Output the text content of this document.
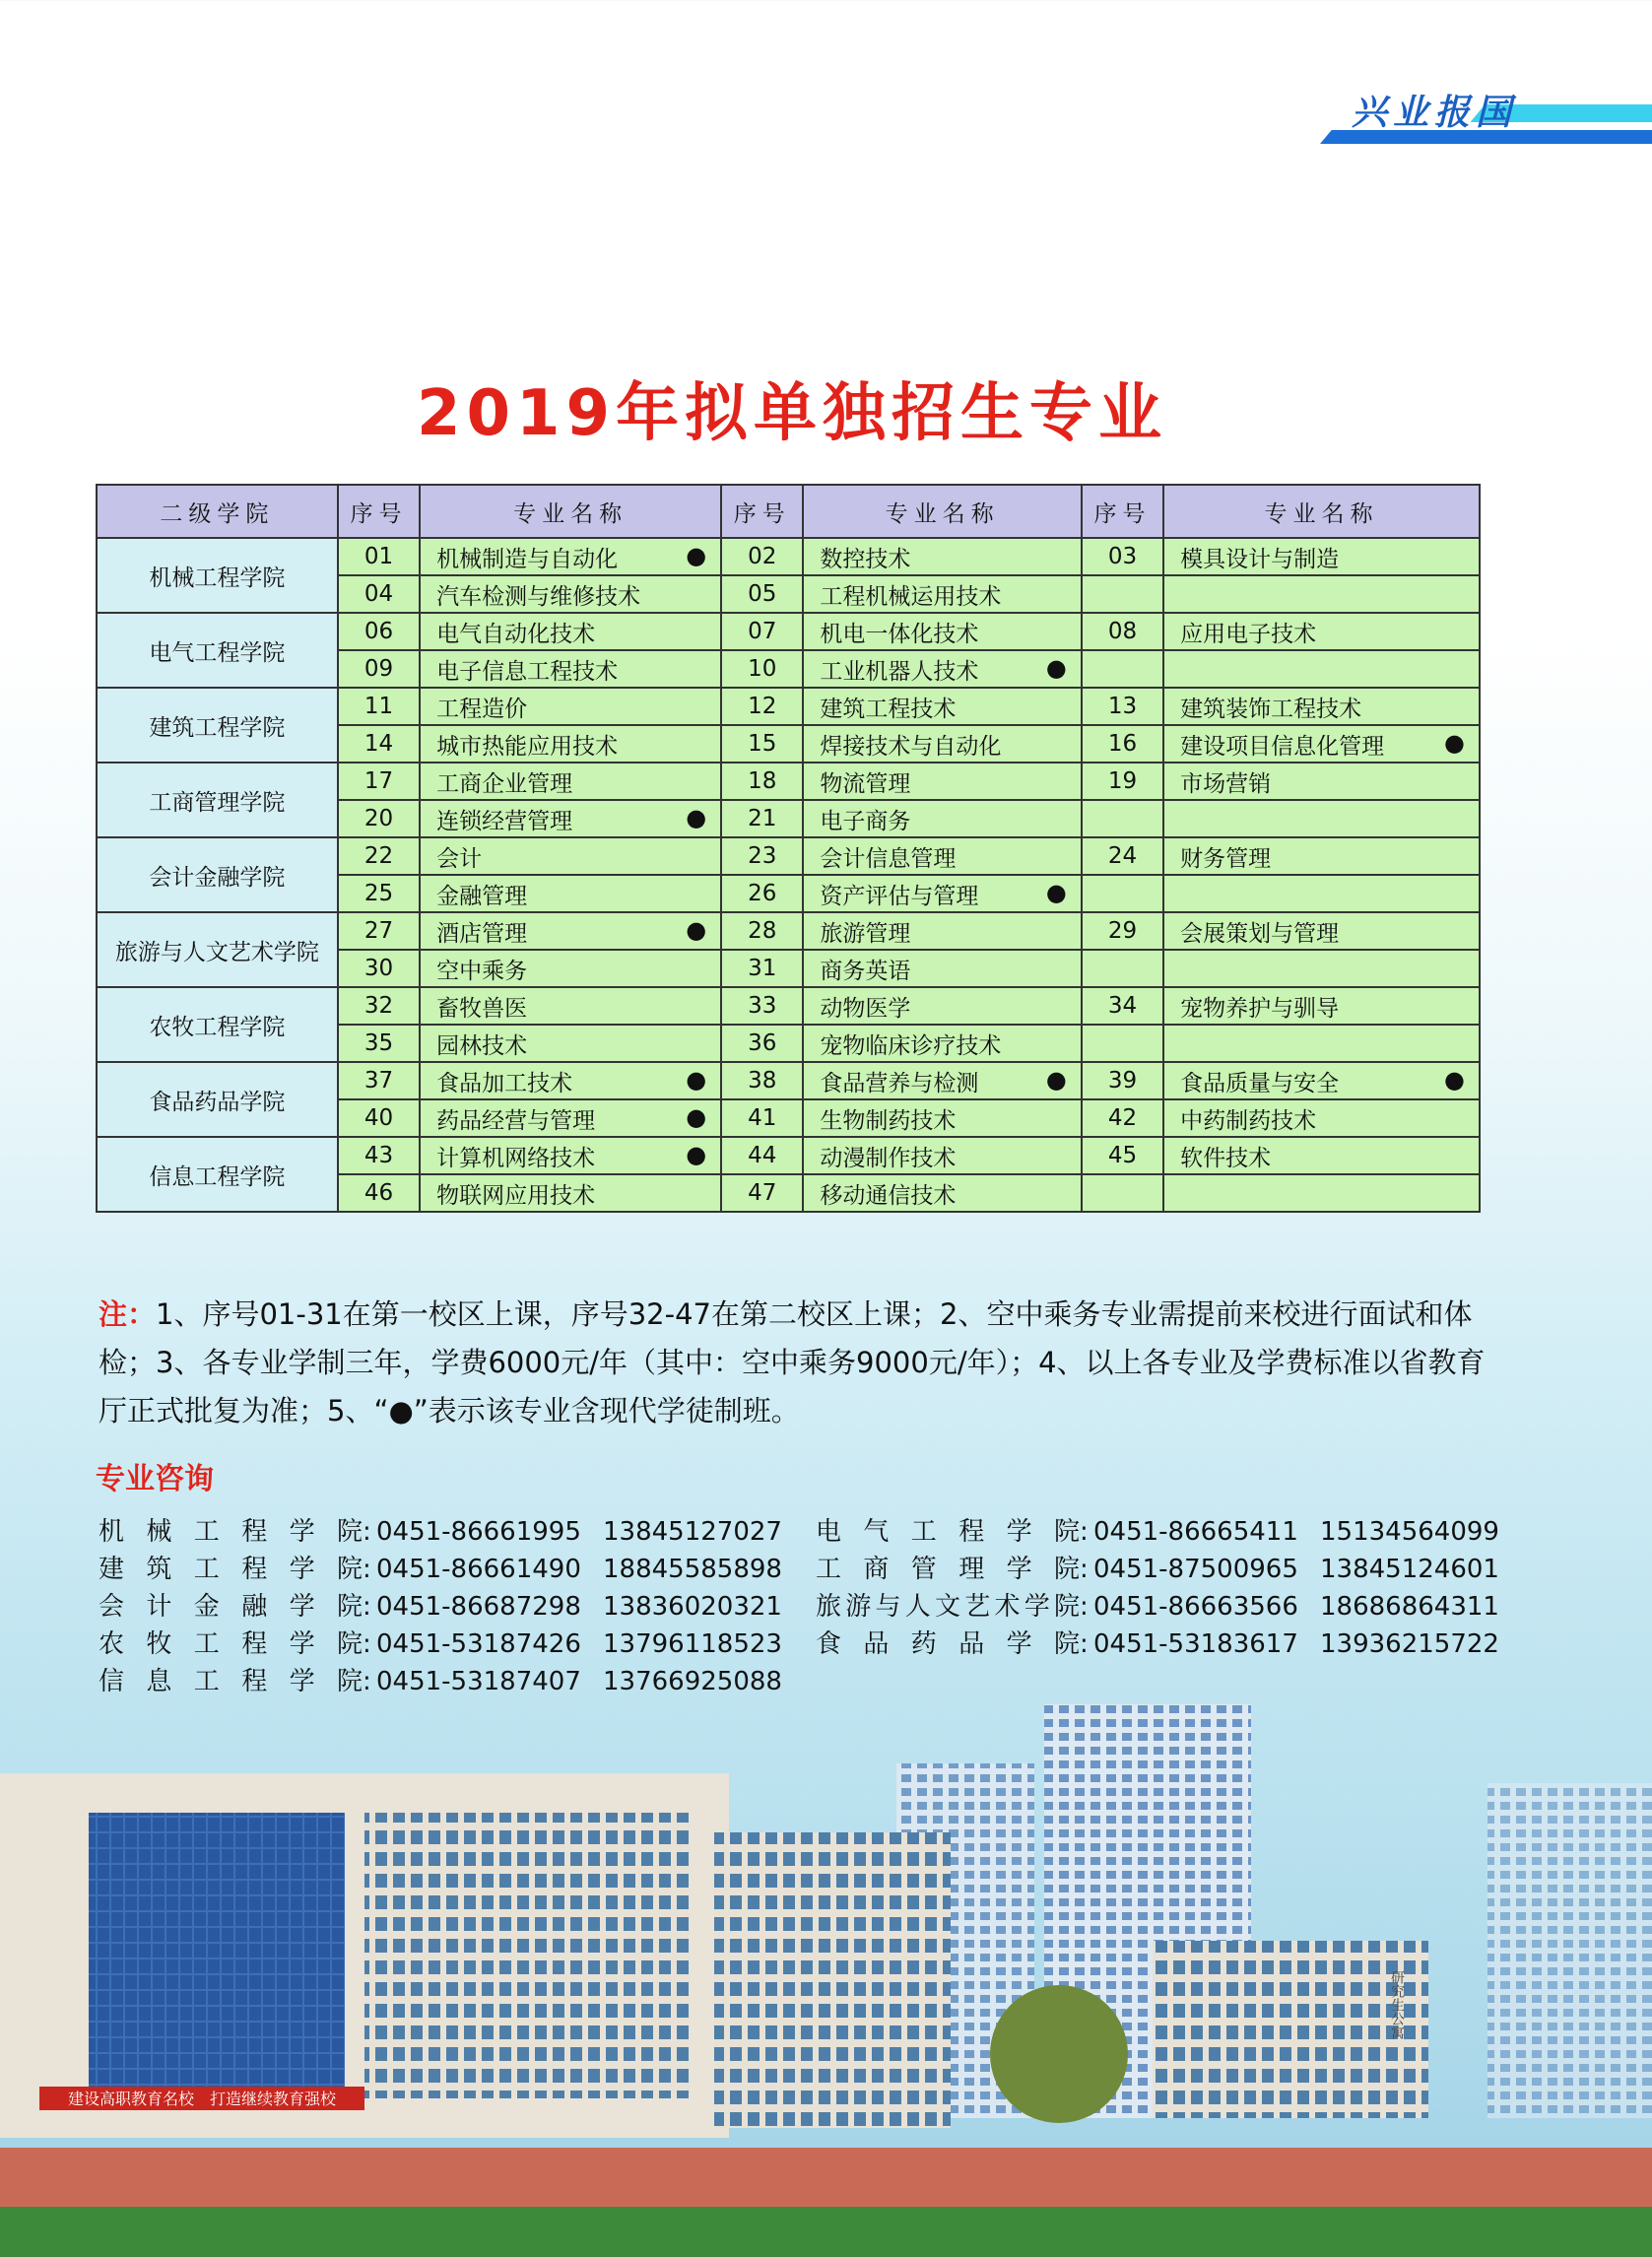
兴业报国
2019年拟单独招生专业
二级学院	序号	专业名称	序号	专业名称	序号	专业名称
机械工程学院	01	机械制造与自动化 ●	02	数控技术	03	模具设计与制造
	04	汽车检测与维修技术	05	工程机械运用技术		
电气工程学院	06	电气自动化技术	07	机电一体化技术	08	应用电子技术
	09	电子信息工程技术	10	工业机器人技术 ●		
建筑工程学院	11	工程造价	12	建筑工程技术	13	建筑装饰工程技术
	14	城市热能应用技术	15	焊接技术与自动化	16	建设项目信息化管理 ●
工商管理学院	17	工商企业管理	18	物流管理	19	市场营销
	20	连锁经营管理 ●	21	电子商务		
会计金融学院	22	会计	23	会计信息管理	24	财务管理
	25	金融管理	26	资产评估与管理 ●		
旅游与人文艺术学院	27	酒店管理 ●	28	旅游管理	29	会展策划与管理
	30	空中乘务	31	商务英语		
农牧工程学院	32	畜牧兽医	33	动物医学	34	宠物养护与驯导
	35	园林技术	36	宠物临床诊疗技术		
食品药品学院	37	食品加工技术 ●	38	食品营养与检测 ●	39	食品质量与安全 ●
	40	药品经营与管理 ●	41	生物制药技术	42	中药制药技术
信息工程学院	43	计算机网络技术 ●	44	动漫制作技术	45	软件技术
	46	物联网应用技术	47	移动通信技术		
注：1、序号01-31在第一校区上课，序号32-47在第二校区上课；2、空中乘务专业需提前来校进行面试和体检；3、各专业学制三年，学费6000元/年（其中：空中乘务9000元/年）；4、以上各专业及学费标准以省教育厅正式批复为准；5、“●”表示该专业含现代学徒制班。
专业咨询
机械工程学院: 0451-86661995 13845127027 电气工程学院: 0451-86665411 15134564099
建筑工程学院: 0451-86661490 18845585898 工商管理学院: 0451-87500965 13845124601
会计金融学院: 0451-86687298 13836020321 旅游与人文艺术学院: 0451-86663566 18686864311
农牧工程学院: 0451-53187426 13796118523 食品药品学院: 0451-53183617 13936215722
研究生公寓
建设高职教育名校　打造继续教育强校
